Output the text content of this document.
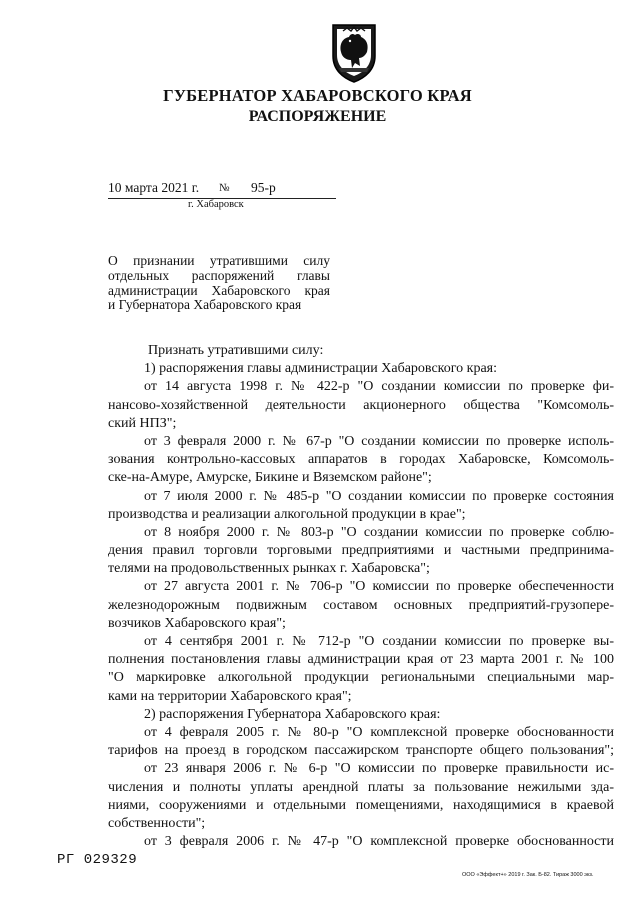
ГУБЕРНАТОР ХАБАРОВСКОГО КРАЯ
РАСПОРЯЖЕНИЕ
10 марта 2021 г. № 95-р
г. Хабаровск
О признании утратившими силу
отдельных распоряжений главы
администрации Хабаровского края
и Губернатора Хабаровского края
Признать утратившими силу:
1) распоряжения главы администрации Хабаровского края:
от 14 августа 1998 г. № 422-р "О создании комиссии по проверке фи-
нансово-хозяйственной деятельности акционерного общества "Комсомоль-
ский НПЗ";
от 3 февраля 2000 г. № 67-р "О создании комиссии по проверке исполь-
зования контрольно-кассовых аппаратов в городах Хабаровске, Комсомоль-
ске-на-Амуре, Амурске, Бикине и Вяземском районе";
от 7 июля 2000 г. № 485-р "О создании комиссии по проверке состояния
производства и реализации алкогольной продукции в крае";
от 8 ноября 2000 г. № 803-р "О создании комиссии по проверке соблю-
дения правил торговли торговыми предприятиями и частными предпринима-
телями на продовольственных рынках г. Хабаровска";
от 27 августа 2001 г. № 706-р "О комиссии по проверке обеспеченности
железнодорожным подвижным составом основных предприятий-грузопере-
возчиков Хабаровского края";
от 4 сентября 2001 г. № 712-р "О создании комиссии по проверке вы-
полнения постановления главы администрации края от 23 марта 2001 г. № 100
"О маркировке алкогольной продукции региональными специальными мар-
ками на территории Хабаровского края";
2) распоряжения Губернатора Хабаровского края:
от 4 февраля 2005 г. № 80-р "О комплексной проверке обоснованности
тарифов на проезд в городском пассажирском транспорте общего пользования";
от 23 января 2006 г. № 6-р "О комиссии по проверке правильности ис-
числения и полноты уплаты арендной платы за пользование нежилыми зда-
ниями, сооружениями и отдельными помещениями, находящимися в краевой
собственности";
от 3 февраля 2006 г. № 47-р "О комплексной проверке обоснованности
РГ 029329
ООО «Эффект+» 2019 г. Зак. Б-82. Тираж 3000 экз.
